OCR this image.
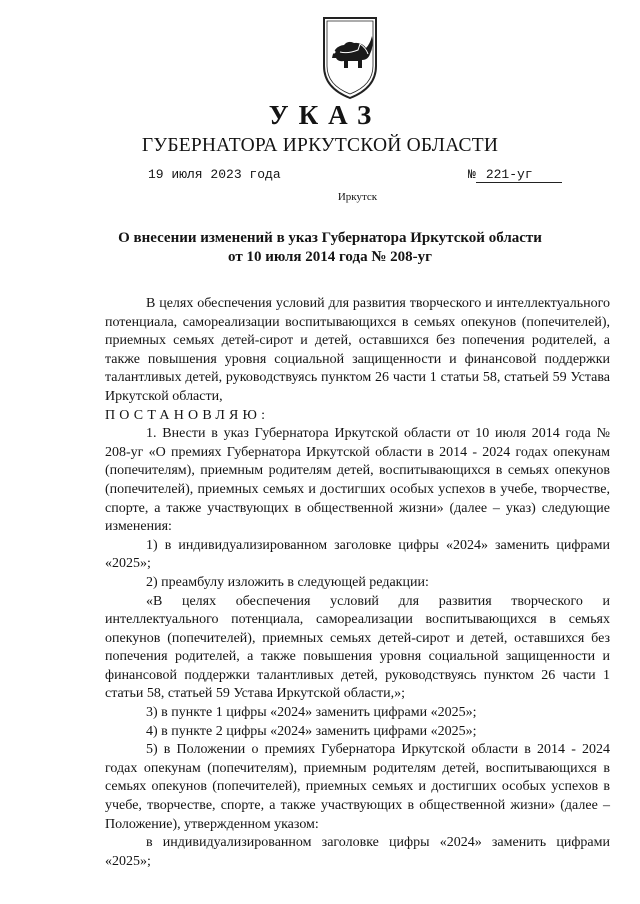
УКАЗ
ГУБЕРНАТОРА ИРКУТСКОЙ ОБЛАСТИ
19 июля 2023 года	№ 221-уг
Иркутск
О внесении изменений в указ Губернатора Иркутской области
от 10 июля 2014 года № 208-уг

В целях обеспечения условий для развития творческого и интеллектуального потенциала, самореализации воспитывающихся в семьях опекунов (попечителей), приемных семьях детей-сирот и детей, оставшихся без попечения родителей, а также повышения уровня социальной защищенности и финансовой поддержки талантливых детей, руководствуясь пунктом 26 части 1 статьи 58, статьей 59 Устава Иркутской области,

ПОСТАНОВЛЯЮ:

1. Внести в указ Губернатора Иркутской области от 10 июля 2014 года № 208-уг «О премиях Губернатора Иркутской области в 2014 - 2024 годах опекунам (попечителям), приемным родителям детей, воспитывающихся в семьях опекунов (попечителей), приемных семьях и достигших особых успехов в учебе, творчестве, спорте, а также участвующих в общественной жизни» (далее – указ) следующие изменения:

1) в индивидуализированном заголовке цифры «2024» заменить цифрами «2025»;

2) преамбулу изложить в следующей редакции:

«В целях обеспечения условий для развития творческого и интеллектуального потенциала, самореализации воспитывающихся в семьях опекунов (попечителей), приемных семьях детей-сирот и детей, оставшихся без попечения родителей, а также повышения уровня социальной защищенности и финансовой поддержки талантливых детей, руководствуясь пунктом 26 части 1 статьи 58, статьей 59 Устава Иркутской области,»;

3) в пункте 1 цифры «2024» заменить цифрами «2025»;

4) в пункте 2 цифры «2024» заменить цифрами «2025»;

5) в Положении о премиях Губернатора Иркутской области в 2014 - 2024 годах опекунам (попечителям), приемным родителям детей, воспитывающихся в семьях опекунов (попечителей), приемных семьях и достигших особых успехов в учебе, творчестве, спорте, а также участвующих в общественной жизни» (далее – Положение), утвержденном указом:

в индивидуализированном заголовке цифры «2024» заменить цифрами «2025»;
